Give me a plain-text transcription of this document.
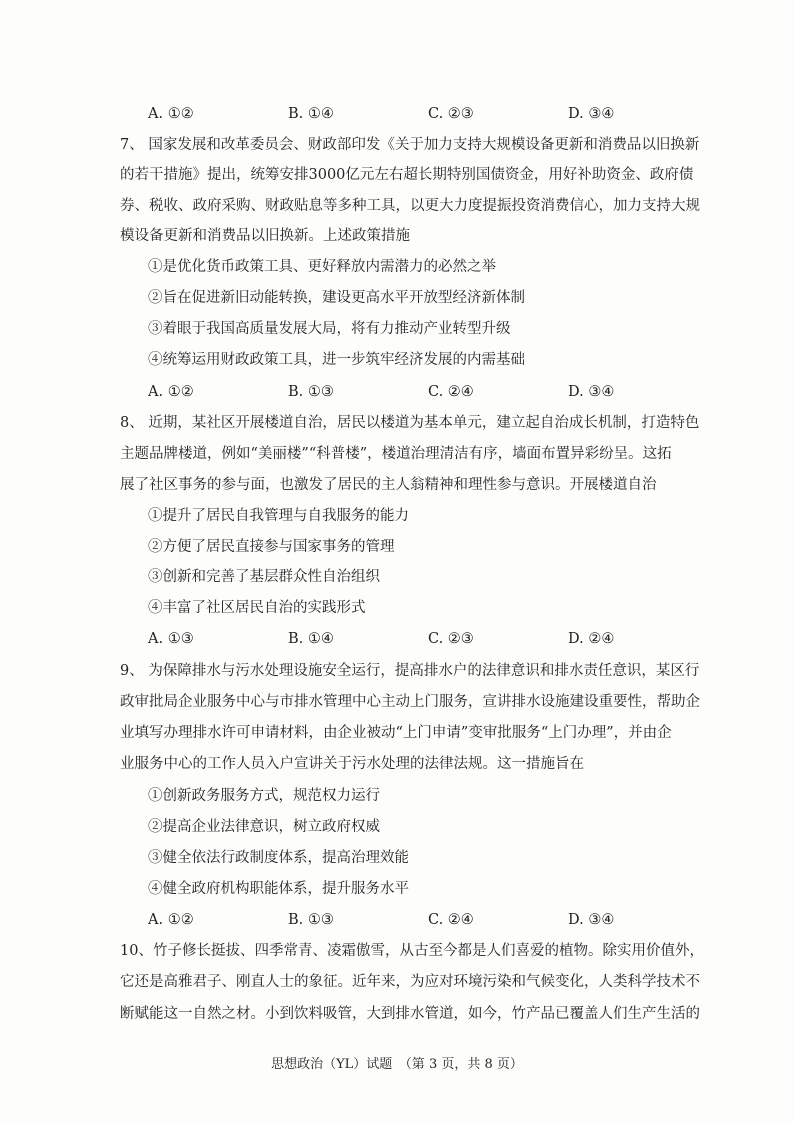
A. ①②	B. ①④	C. ②③	D. ③④
7、 国家发展和改革委员会、财政部印发《关于加力支持大规模设备更新和消费品以旧换新
的若干措施》提出，统筹安排3000亿元左右超长期特别国债资金，用好补助资金、政府债
券、税收、政府采购、财政贴息等多种工具，以更大力度提振投资消费信心，加力支持大规
模设备更新和消费品以旧换新。上述政策措施
①是优化货币政策工具、更好释放内需潜力的必然之举
②旨在促进新旧动能转换，建设更高水平开放型经济新体制
③着眼于我国高质量发展大局，将有力推动产业转型升级
④统筹运用财政政策工具，进一步筑牢经济发展的内需基础
A. ①②	B. ①③	C. ②④	D. ③④
8、 近期，某社区开展楼道自治，居民以楼道为基本单元，建立起自治成长机制，打造特色
主题品牌楼道，例如“美丽楼”“科普楼”，楼道治理清洁有序，墙面布置异彩纷呈。这拓
展了社区事务的参与面，也激发了居民的主人翁精神和理性参与意识。开展楼道自治
①提升了居民自我管理与自我服务的能力
②方便了居民直接参与国家事务的管理
③创新和完善了基层群众性自治组织
④丰富了社区居民自治的实践形式
A. ①③	B. ①④	C. ②③	D. ②④
9、 为保障排水与污水处理设施安全运行，提高排水户的法律意识和排水责任意识，某区行
政审批局企业服务中心与市排水管理中心主动上门服务，宣讲排水设施建设重要性，帮助企
业填写办理排水许可申请材料，由企业被动“上门申请”变审批服务“上门办理”，并由企
业服务中心的工作人员入户宣讲关于污水处理的法律法规。这一措施旨在
①创新政务服务方式，规范权力运行
②提高企业法律意识，树立政府权威
③健全依法行政制度体系，提高治理效能
④健全政府机构职能体系，提升服务水平
A. ①②	B. ①③	C. ②④	D. ③④
10、竹子修长挺拔、四季常青、凌霜傲雪，从古至今都是人们喜爱的植物。除实用价值外，
它还是高雅君子、刚直人士的象征。近年来，为应对环境污染和气候变化，人类科学技术不
断赋能这一自然之材。小到饮料吸管，大到排水管道，如今，竹产品已覆盖人们生产生活的
思想政治（YL）试题　（第 3 页，共 8 页）
